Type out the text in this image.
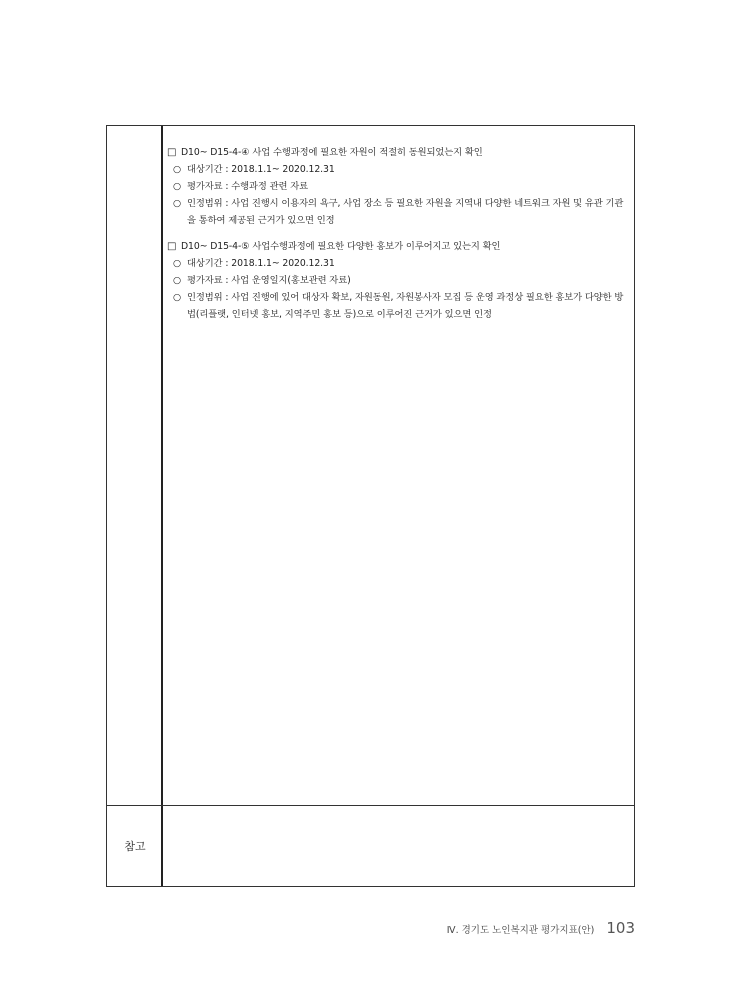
참고
□ D10~ D15-4-④ 사업 수행과정에 필요한 자원이 적절히 동원되었는지 확인
○ 대상기간 : 2018.1.1~ 2020.12.31
○ 평가자료 : 수행과정 관련 자료
○ 인정범위 : 사업 진행시 이용자의 욕구, 사업 장소 등 필요한 자원을 지역내 다양한 네트워크 자원 및 유관 기관을 통하여 제공된 근거가 있으면 인정
□ D10~ D15-4-⑤ 사업수행과정에 필요한 다양한 홍보가 이루어지고 있는지 확인
○ 대상기간 : 2018.1.1~ 2020.12.31
○ 평가자료 : 사업 운영일지(홍보관련 자료)
○ 인정범위 : 사업 진행에 있어 대상자 확보, 자원동원, 자원봉사자 모집 등 운영 과정상 필요한 홍보가 다양한 방법(리플랫, 인터넷 홍보, 지역주민 홍보 등)으로 이루어진 근거가 있으면 인정
Ⅳ. 경기도 노인복지관 평가지표(안) 103
